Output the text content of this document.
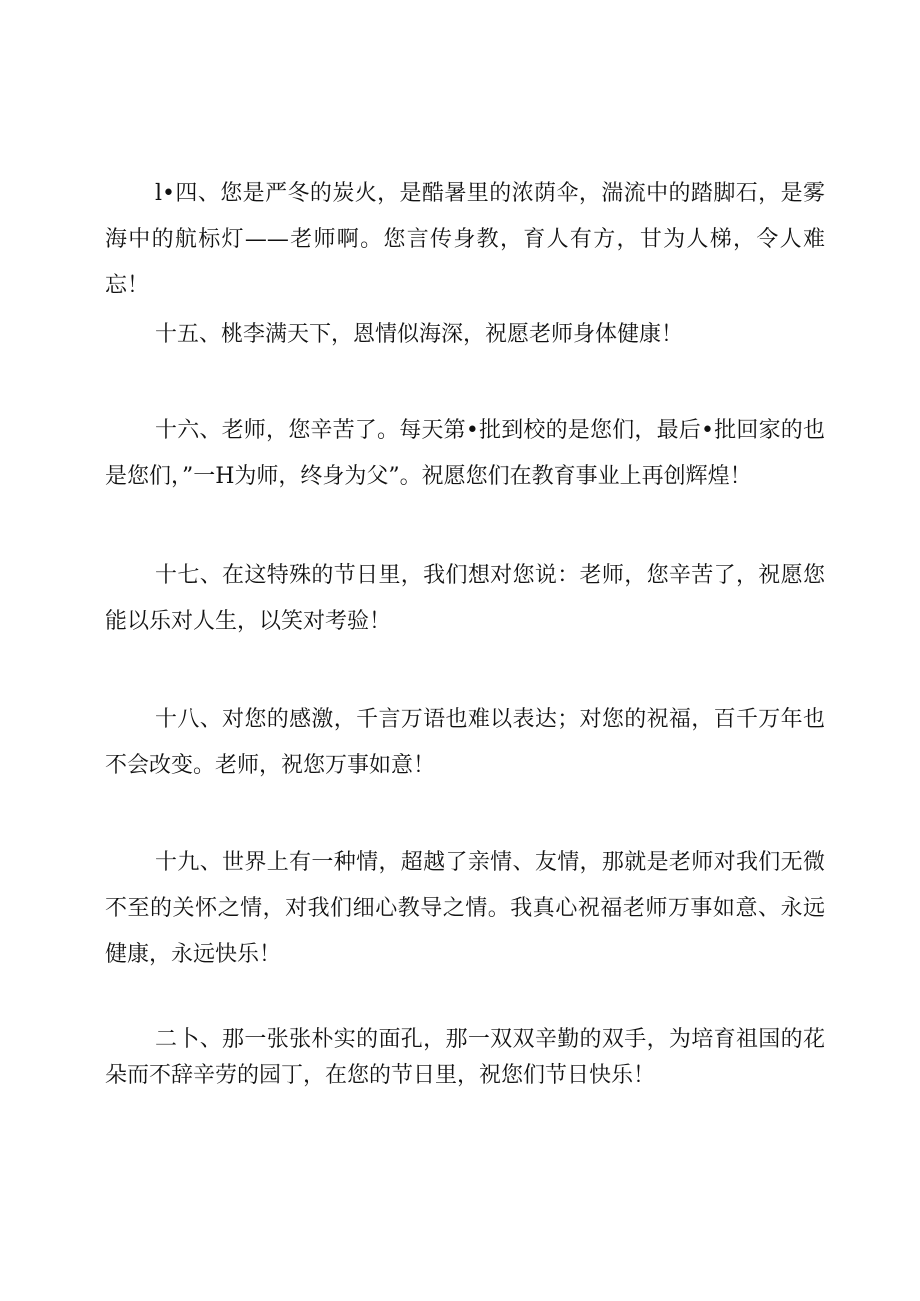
l•四、您是严冬的炭火，是酷暑里的浓荫伞，湍流中的踏脚石，是雾海中的航标灯——老师啊。您言传身教，育人有方，甘为人梯，令人难忘！

十五、桃李满天下，恩情似海深，祝愿老师身体健康！

十六、老师，您辛苦了。每天第•批到校的是您们，最后•批回家的也是您们，”一H为师，终身为父”。祝愿您们在教育事业上再创辉煌！

十七、在这特殊的节日里，我们想对您说：老师，您辛苦了，祝愿您能以乐对人生，以笑对考验！

十八、对您的感激，千言万语也难以表达；对您的祝福，百千万年也不会改变。老师，祝您万事如意！

十九、世界上有一种情，超越了亲情、友情，那就是老师对我们无微不至的关怀之情，对我们细心教导之情。我真心祝福老师万事如意、永远健康，永远快乐！

二卜、那一张张朴实的面孔，那一双双辛勤的双手，为培育祖国的花朵而不辞辛劳的园丁，在您的节日里，祝您们节日快乐！
